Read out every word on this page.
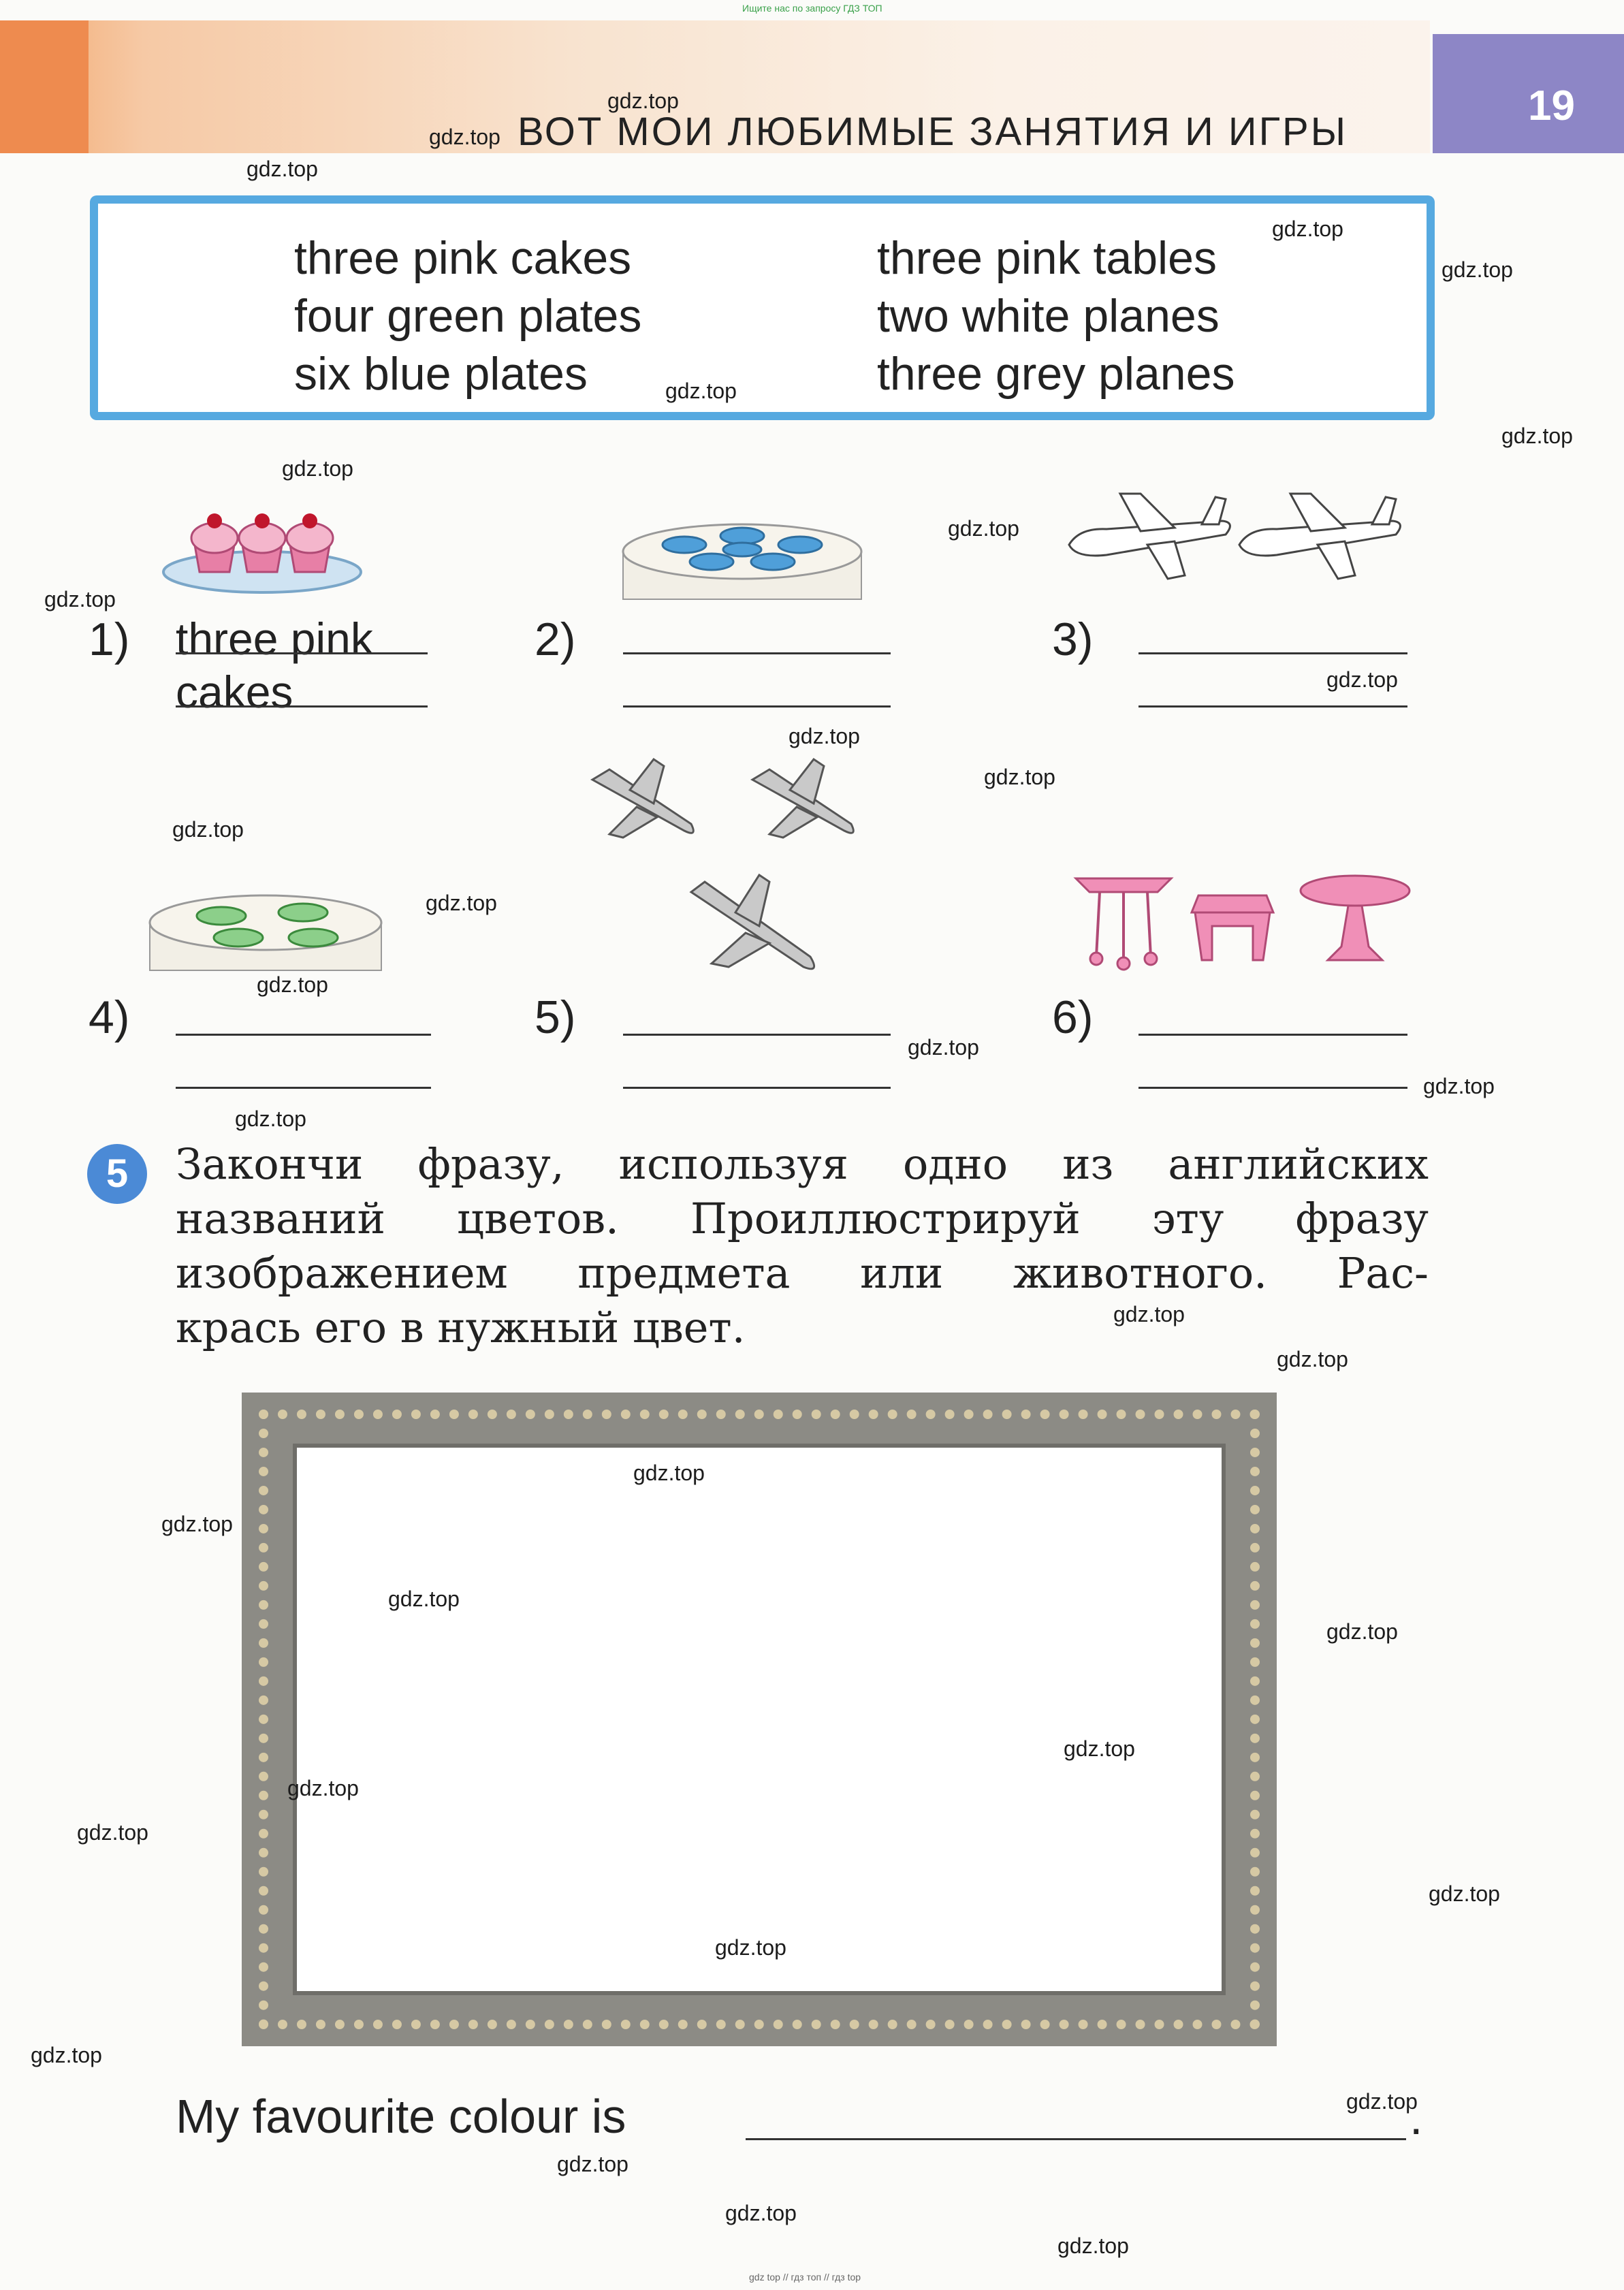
19
Ищите нас по запросу ГДЗ ТОП
ВОТ МОИ ЛЮБИМЫЕ ЗАНЯТИЯ И ИГРЫ
three pink cakes
four green plates
six blue plates
three pink tables
two white planes
three grey planes
1) three pink
cakes
2)	3)
4)	5)	6)
5	Закончи фразу, используя одно из английских
названий цветов. Проиллюстрируй эту фразу
изображением предмета или животного. Рас-
крась его в нужный цвет.
My favourite colour is	.
gdz.top
gdz.top
gdz.top
gdz.top
gdz.top
gdz.top
gdz.top
gdz.top
gdz.top
gdz.top
gdz.top
gdz.top
gdz.top
gdz.top
gdz.top
gdz.top
gdz.top
gdz.top
gdz.top
gdz.top
gdz.top
gdz.top
gdz.top
gdz.top
gdz.top
gdz.top
gdz.top
gdz.top
gdz.top
gdz.top
gdz.top
gdz.top
gdz.top
gdz.top
gdz.top
gdz top // гдз топ // гдз top
